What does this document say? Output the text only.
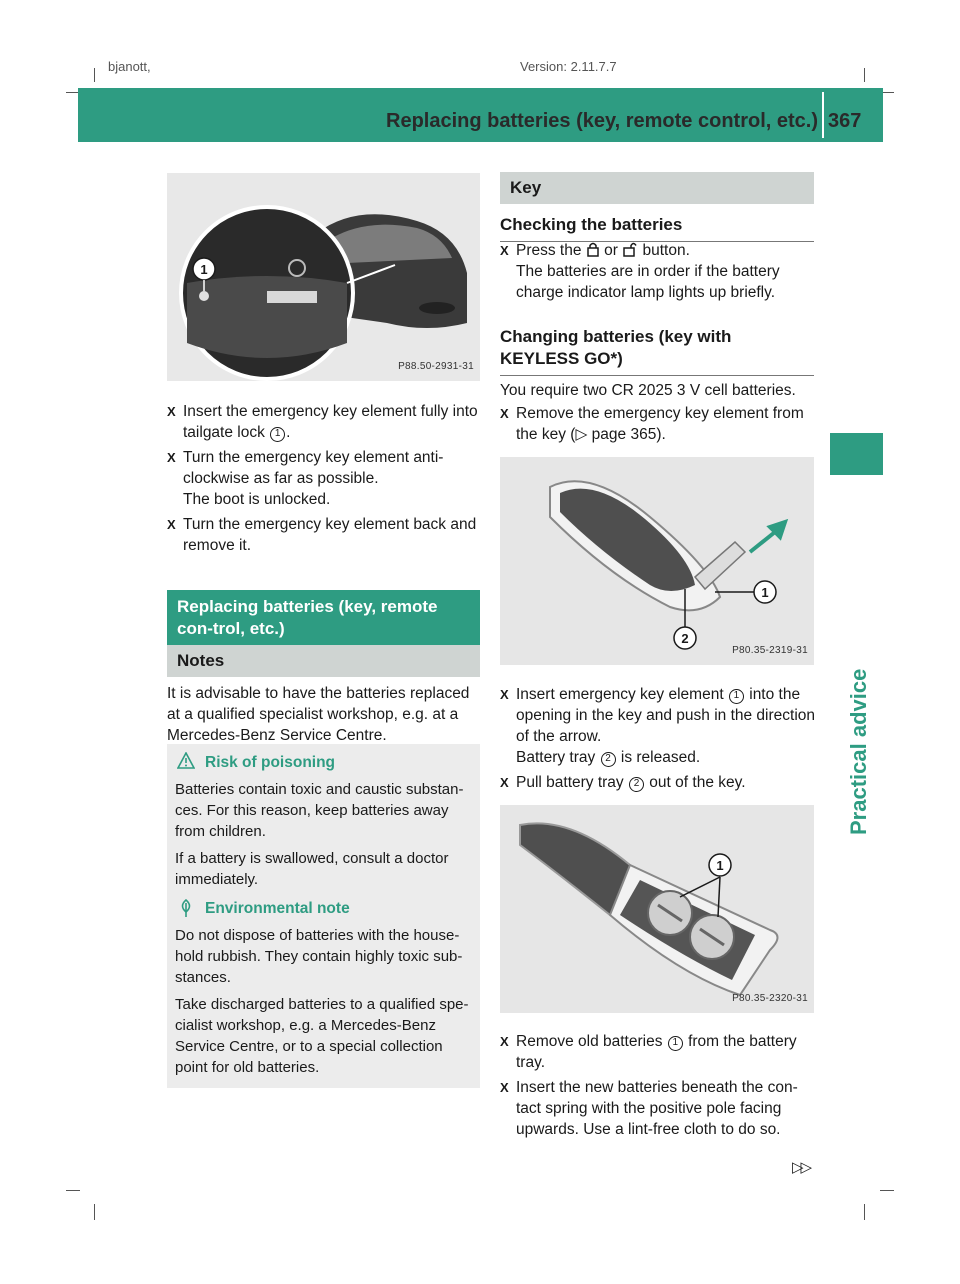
bjanott,	Version: 2.11.7.7
Replacing batteries (key, remote control, etc.) 367
Practical advice
1
P88.50-2931-31
X Insert the emergency key element fully into tailgate lock 1 .
X Turn the emergency key element anti-
clockwise as far as possible.
The boot is unlocked.
X Turn the emergency key element back and remove it.
Replacing batteries (key, remote con-trol, etc.)
Notes
It is advisable to have the batteries replaced at a qualified specialist workshop, e.g. at a Mercedes-Benz Service Centre.
Risk of poisoning

Batteries contain toxic and caustic substan-ces. For this reason, keep batteries away from children.

If a battery is swallowed, consult a doctor immediately.

Environmental note

Do not dispose of batteries with the house-hold rubbish. They contain highly toxic sub-stances.

Take discharged batteries to a qualified spe-cialist workshop, e.g. a Mercedes-Benz Service Centre, or to a special collection point for old batteries.

Key
Checking the batteries
X Press the  or  button.
The batteries are in order if the battery charge indicator lamp lights up briefly.
Changing batteries (key with KEYLESS GO*)
You require two CR 2025 3 V cell batteries.
X Remove the emergency key element from the key (▷ page 365).
1
2
P80.35-2319-31
X Insert emergency key element 1 into the opening in the key and push in the direction of the arrow.
Battery tray 2 is released.
X Pull battery tray 2 out of the key.
1
P80.35-2320-31
X Remove old batteries 1 from the battery tray.
X Insert the new batteries beneath the con-tact spring with the positive pole facing upwards. Use a lint-free cloth to do so.
▷▷
